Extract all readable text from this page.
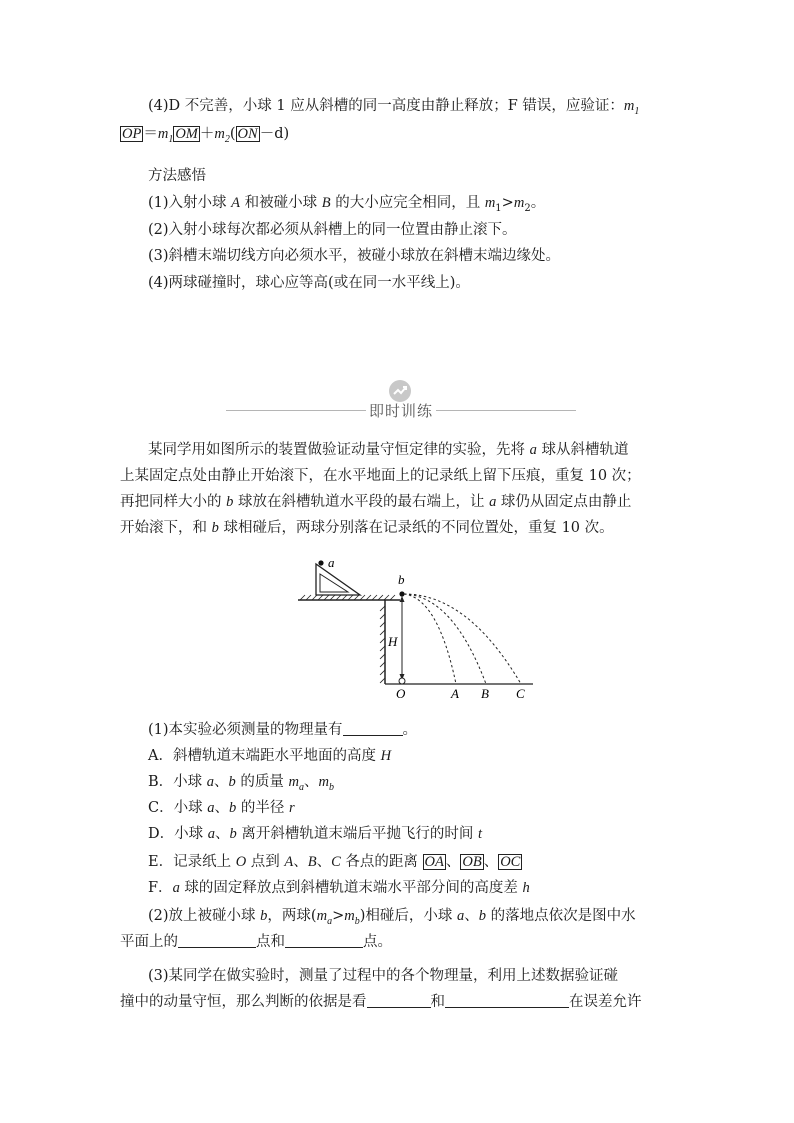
(4)D 不完善，小球 1 应从斜槽的同一高度由静止释放；F 错误，应验证：$m_1$
OP $=m_1$ OM $+m_2$( ON －d)
方法感悟
(1)入射小球 A 和被碰小球 B 的大小应完全相同，且 $m_1>m_2$。
(2)入射小球每次都必须从斜槽上的同一位置由静止滚下。
(3)斜槽末端切线方向必须水平，被碰小球放在斜槽末端边缘处。
(4)两球碰撞时，球心应等高(或在同一水平线上)。
即时训练
某同学用如图所示的装置做验证动量守恒定律的实验，先将 a 球从斜槽轨道
上某固定点处由静止开始滚下，在水平地面上的记录纸上留下压痕，重复 10 次；
再把同样大小的 b 球放在斜槽轨道水平段的最右端上，让 a 球仍从固定点由静止
开始滚下，和 b 球相碰后，两球分别落在记录纸的不同位置处，重复 10 次。
a
b
H
O	A B C
(1)本实验必须测量的物理量有	。
A．斜槽轨道末端距水平地面的高度 H
B．小球 a、b 的质量 $m_a$、$m_b$
C．小球 a、b 的半径 r
D．小球 a、b 离开斜槽轨道末端后平抛飞行的时间 t
E．记录纸上 O 点到 A、B、C 各点的距离 OA 、 OB 、 OC
F．a 球的固定释放点到斜槽轨道末端水平部分间的高度差 h
(2)放上被碰小球 b，两球$(m_a>m_b)$相碰后，小球 a、b 的落地点依次是图中水
平面上的	点和	点。
(3)某同学在做实验时，测量了过程中的各个物理量，利用上述数据验证碰
撞中的动量守恒，那么判断的依据是看	和	在误差允许
